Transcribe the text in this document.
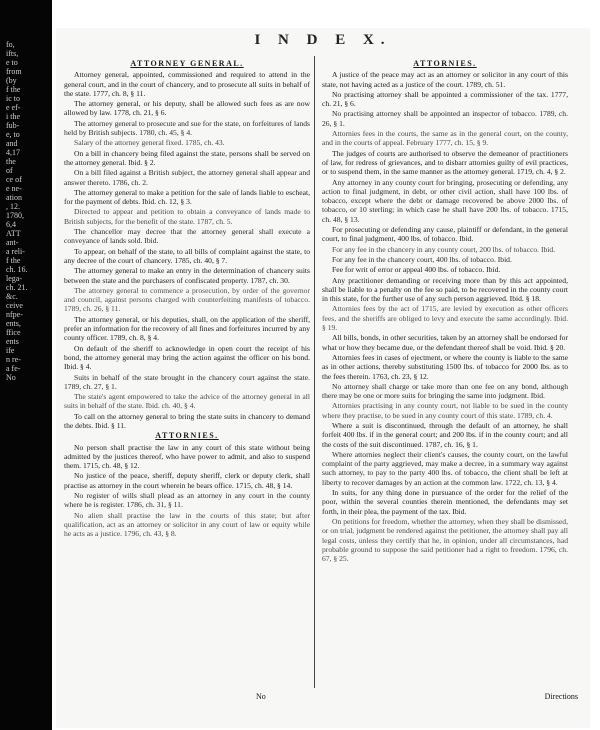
fo,
ifts,
e to
from
(by
f the
ic to
e ef-
i the
fub-
e, to
and
4,17
the
of
ce of
e ne-
ation
, 12.
1780,
6,4
ATT
ant-
a reli-
f the
ch. 16.
lega-
ch. 21.
&c.
ceive
nfpe-
ents,
ffice
ents
ife
n re-
a fe-
No
I N D E X.
ATTORNEY GENERAL.
Attorney general, appointed, commissioned and required to attend in the general court, and in the court of chancery, and to prosecute all suits in behalf of the state. 1777, ch. 8, § 11.
The attorney general, or his deputy, shall be allowed such fees as are now allowed by law. 1778, ch. 21, § 6.
The attorney general to prosecute and sue for the state, on forfeitures of lands held by British subjects. 1780, ch. 45, § 4.
Salary of the attorney general fixed. 1785, ch. 43.
On a bill in chancery being filed against the state, persons shall be served on the attorney general. Ibid. § 2.
On a bill filed against a British subject, the attorney general shall appear and answer thereto. 1786, ch. 2.
The attorney general to make a petition for the sale of lands liable to escheat, for the payment of debts. Ibid. ch. 12, § 3.
Directed to appear and petition to obtain a conveyance of lands made to British subjects, for the benefit of the state. 1787, ch. 5.
The chancellor may decree that the attorney general shall execute a conveyance of lands sold. Ibid.
To appear, on behalf of the state, to all bills of complaint against the state, to any decree of the court of chancery. 1785, ch. 40, § 7.
The attorney general to make an entry in the determination of chancery suits between the state and the purchasers of confiscated property. 1787, ch. 30.
The attorney general to commence a prosecution, by order of the governor and council, against persons charged with counterfeiting manifests of tobacco. 1789, ch. 26, § 11.
The attorney general, or his deputies, shall, on the application of the sheriff, prefer an information for the recovery of all fines and forfeitures incurred by any county officer. 1789, ch. 8, § 4.
On default of the sheriff to acknowledge in open court the receipt of his bond, the attorney general may bring the action against the officer on his bond. Ibid. § 4.
Suits in behalf of the state brought in the chancery court against the state. 1789, ch. 27, § 1.
The state's agent empowered to take the advice of the attorney general in all suits in behalf of the state. Ibid. ch. 40, § 4.
To call on the attorney general to bring the state suits in chancery to demand the debts. Ibid. § 11.
ATTORNIES.
No person shall practise the law in any court of this state without being admitted by the justices thereof, who have power to admit, and also to suspend them. 1715, ch. 48, § 12.
No justice of the peace, sheriff, deputy sheriff, clerk or deputy clerk, shall practise as attorney in the court wherein he bears office. 1715, ch. 48, § 14.
No register of wills shall plead as an attorney in any court in the county where he is register. 1786, ch. 31, § 11.
No alien shall practise the law in the courts of this state; but after qualification, act as an attorney or solicitor in any court of law or equity while he acts as a justice. 1796, ch. 43, § 8.
ATTORNIES.
A justice of the peace may act as an attorney or solicitor in any court of this state, not having acted as a justice of the court. 1789, ch. 51.
No practising attorney shall be appointed a commissioner of the tax. 1777, ch. 21, § 6.
No practising attorney shall be appointed an inspector of tobacco. 1789, ch. 26, § 1.
Attornies fees in the courts, the same as in the general court, on the county, and in the courts of appeal. February 1777, ch. 15, § 9.
The judges of courts are authorised to observe the demeanor of practitioners of law, for redress of grievances, and to disbarr attornies guilty of evil practices, or to suspend them, in the same manner as the attorney general. 1719, ch. 4, § 2.
Any attorney in any county court for bringing, prosecuting or defending, any action to final judgment, in debt, or other civil action, shall have 100 lbs. of tobacco, except where the debt or damage recovered be above 2000 lbs. of tobacco, or 10 sterling; in which case he shall have 200 lbs. of tobacco. 1715, ch. 48, § 13.
For prosecuting or defending any cause, plaintiff or defendant, in the general court, to final judgment, 400 lbs. of tobacco. Ibid.
For any fee in the chancery in any county court, 200 lbs. of tobacco. Ibid.
For any fee in the chancery court, 400 lbs. of tobacco. Ibid.
Fee for writ of error or appeal 400 lbs. of tobacco. Ibid.
Any practitioner demanding or receiving more than by this act appointed, shall be liable to a penalty on the fee so paid, to be recovered in the county court in this state, for the further use of any such person aggrieved. Ibid. § 18.
Attornies fees by the act of 1715, are levied by execution as other officers fees, and the sheriffs are obliged to levy and execute the same accordingly. Ibid. § 19.
All bills, bonds, in other securities, taken by an attorney shall be endorsed for what or how they became due, or the defendant thereof shall be void. Ibid. § 20.
Attornies fees in cases of ejectment, or where the county is liable to the same as in other actions, thereby substituting 1500 lbs. of tobacco for 2000 lbs. as to the fees therein. 1763, ch. 23, § 12.
No attorney shall charge or take more than one fee on any bond, although there may be one or more suits for bringing the same into judgment. Ibid.
Attornies practising in any county court, not liable to be sued in the county where they practise, to be sued in any county court of this state. 1789, ch. 4.
Where a suit is discontinued, through the default of an attorney, he shall forfeit 400 lbs. if in the general court; and 200 lbs. if in the county court; and all the costs of the suit discontinued. 1787, ch. 16, § 1.
Where attornies neglect their client's causes, the county court, on the lawful complaint of the party aggrieved, may make a decree, in a summary way against such attorney, to pay to the party 400 lbs. of tobacco, the client shall be left at liberty to recover damages by an action at the common law. 1722, ch. 13, § 4.
In suits, for any thing done in pursuance of the order for the relief of the poor, within the several counties therein mentioned, the defendants may set forth, in their plea, the payment of the tax. Ibid.
On petitions for freedom, whether the attorney, when they shall be dismissed, or on trial, judgment be rendered against the petitioner, the attorney shall pay all legal costs, unless they certify that he, in opinion, under all circumstances, had probable ground to suppose the said petitioner had a right to freedom. 1796, ch. 67, § 25.
No	Directions
